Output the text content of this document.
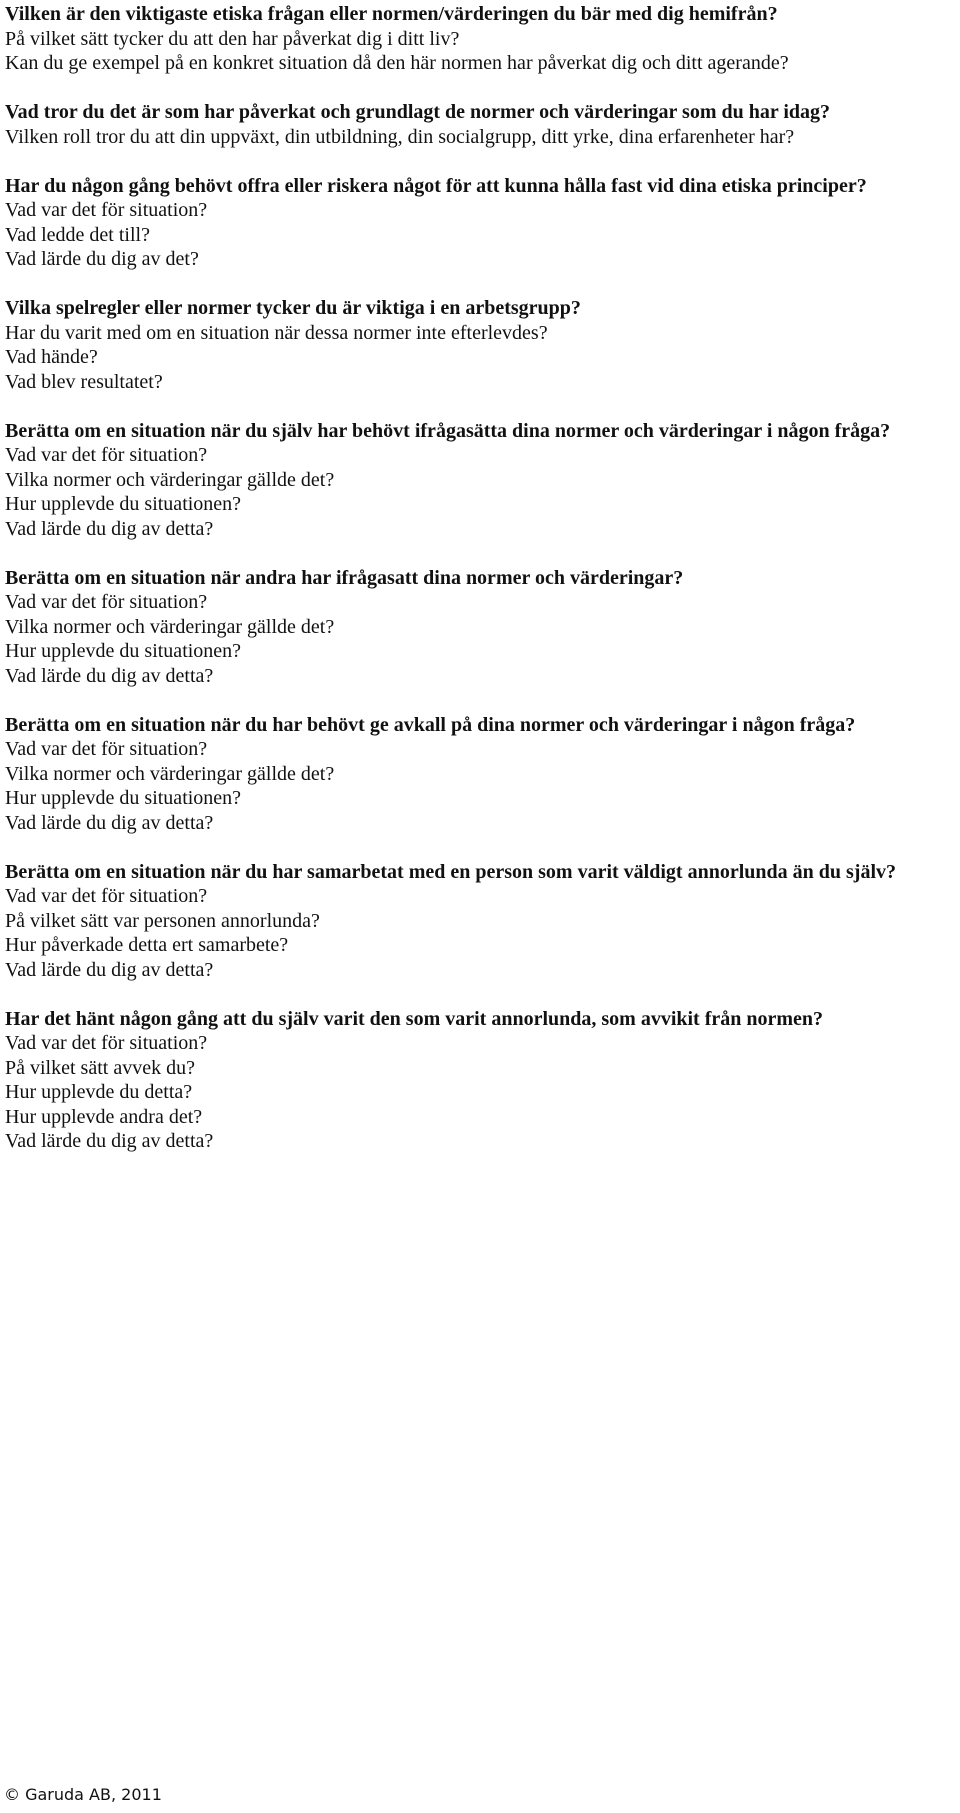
Vilken är den viktigaste etiska frågan eller normen/värderingen du bär med dig hemifrån?
På vilket sätt tycker du att den har påverkat dig i ditt liv?
Kan du ge exempel på en konkret situation då den här normen har påverkat dig och ditt agerande?
Vad tror du det är som har påverkat och grundlagt de normer och värderingar som du har idag?
Vilken roll tror du att din uppväxt, din utbildning, din socialgrupp, ditt yrke, dina erfarenheter har?
Har du någon gång behövt offra eller riskera något för att kunna hålla fast vid dina etiska principer?
Vad var det för situation?
Vad ledde det till?
Vad lärde du dig av det?
Vilka spelregler eller normer tycker du är viktiga i en arbetsgrupp?
Har du varit med om en situation när dessa normer inte efterlevdes?
Vad hände?
Vad blev resultatet?
Berätta om en situation när du själv har behövt ifrågasätta dina normer och värderingar i någon fråga?
Vad var det för situation?
Vilka normer och värderingar gällde det?
Hur upplevde du situationen?
Vad lärde du dig av detta?
Berätta om en situation när andra har ifrågasatt dina normer och värderingar?
Vad var det för situation?
Vilka normer och värderingar gällde det?
Hur upplevde du situationen?
Vad lärde du dig av detta?
Berätta om en situation när du har behövt ge avkall på dina normer och värderingar i någon fråga?
Vad var det för situation?
Vilka normer och värderingar gällde det?
Hur upplevde du situationen?
Vad lärde du dig av detta?
Berätta om en situation när du har samarbetat med en person som varit väldigt annorlunda än du själv?
Vad var det för situation?
På vilket sätt var personen annorlunda?
Hur påverkade detta ert samarbete?
Vad lärde du dig av detta?
Har det hänt någon gång att du själv varit den som varit annorlunda, som avvikit från normen?
Vad var det för situation?
På vilket sätt avvek du?
Hur upplevde du detta?
Hur upplevde andra det?
Vad lärde du dig av detta?
© Garuda AB, 2011
